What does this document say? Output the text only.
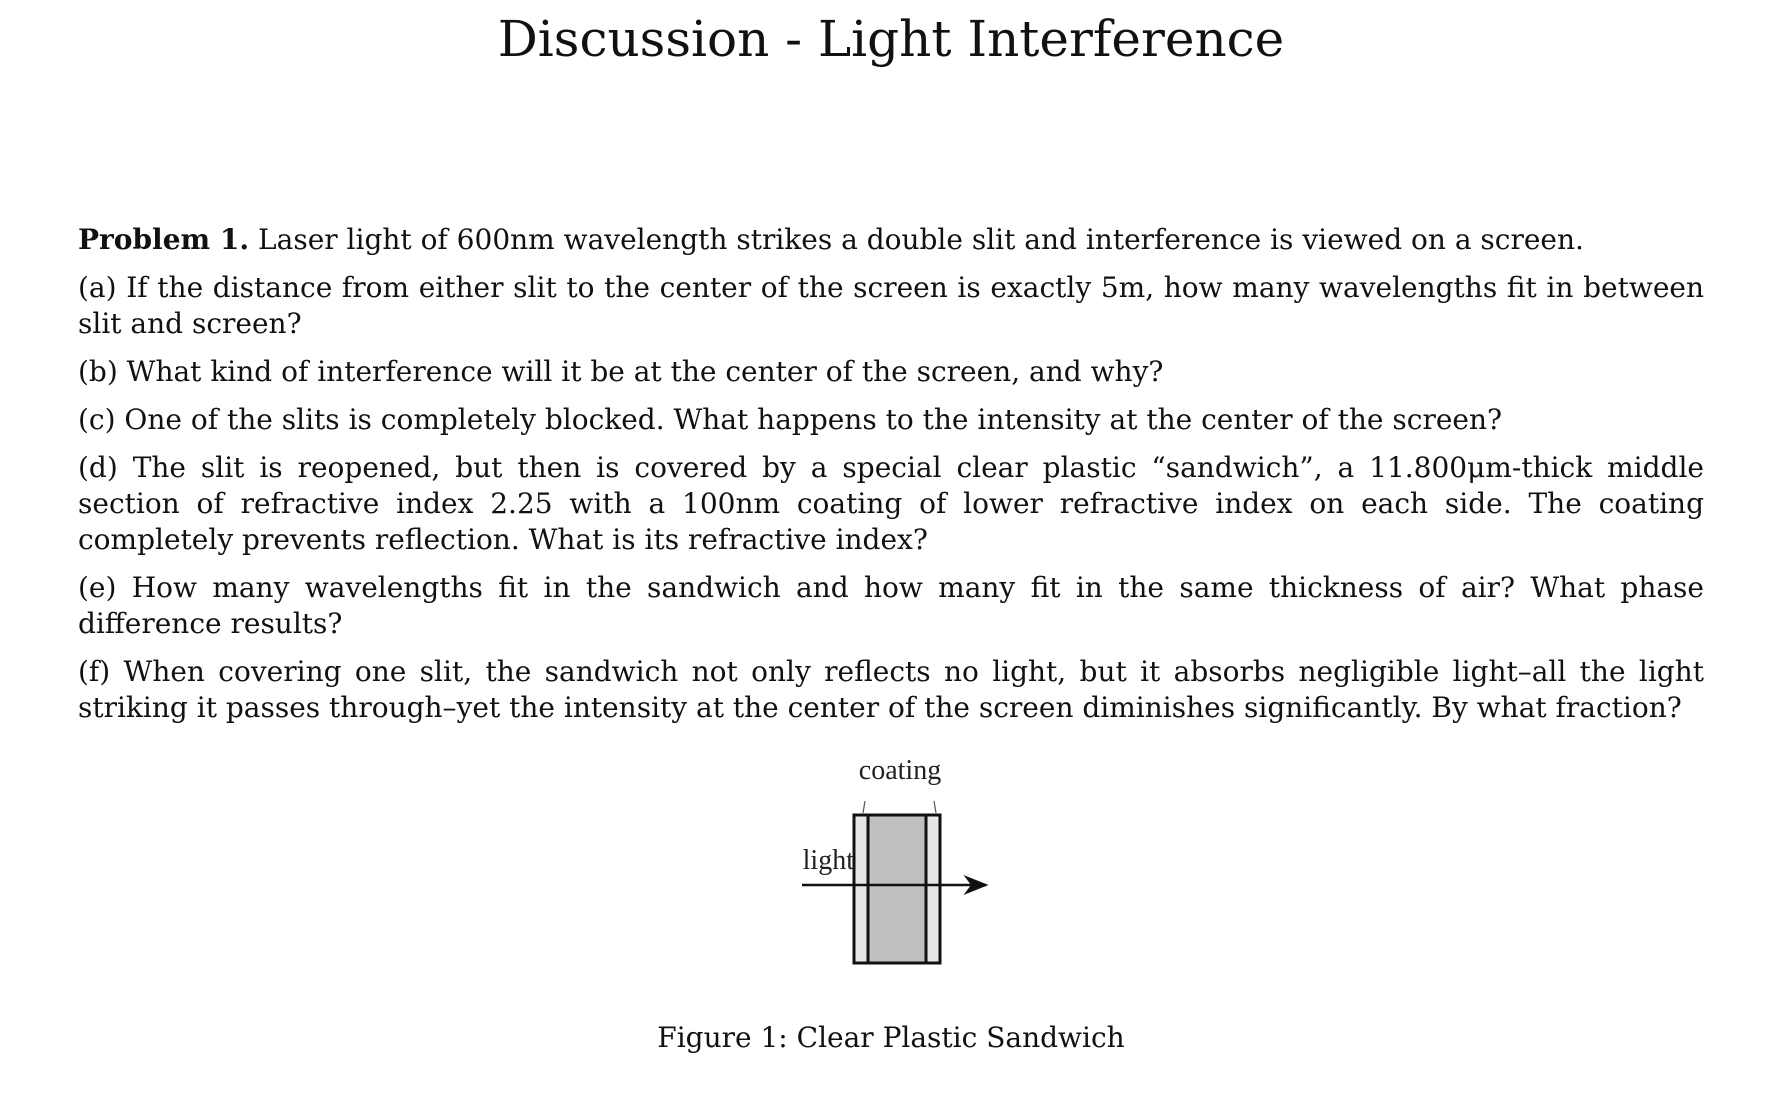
Discussion - Light Interference

Problem 1. Laser light of 600nm wavelength strikes a double slit and interference is viewed on a screen.

(a) If the distance from either slit to the center of the screen is exactly 5m, how many wavelengths fit in between slit and screen?

(b) What kind of interference will it be at the center of the screen, and why?

(c) One of the slits is completely blocked. What happens to the intensity at the center of the screen?

(d) The slit is reopened, but then is covered by a special clear plastic “sandwich”, a 11.800μm-thick middle section of refractive index 2.25 with a 100nm coating of lower refractive index on each side. The coating completely prevents reflection. What is its refractive index?

(e) How many wavelengths fit in the sandwich and how many fit in the same thickness of air? What phase difference results?

(f) When covering one slit, the sandwich not only reflects no light, but it absorbs negligible light–all the light striking it passes through–yet the intensity at the center of the screen diminishes significantly. By what fraction?

coating
light
Figure 1: Clear Plastic Sandwich
